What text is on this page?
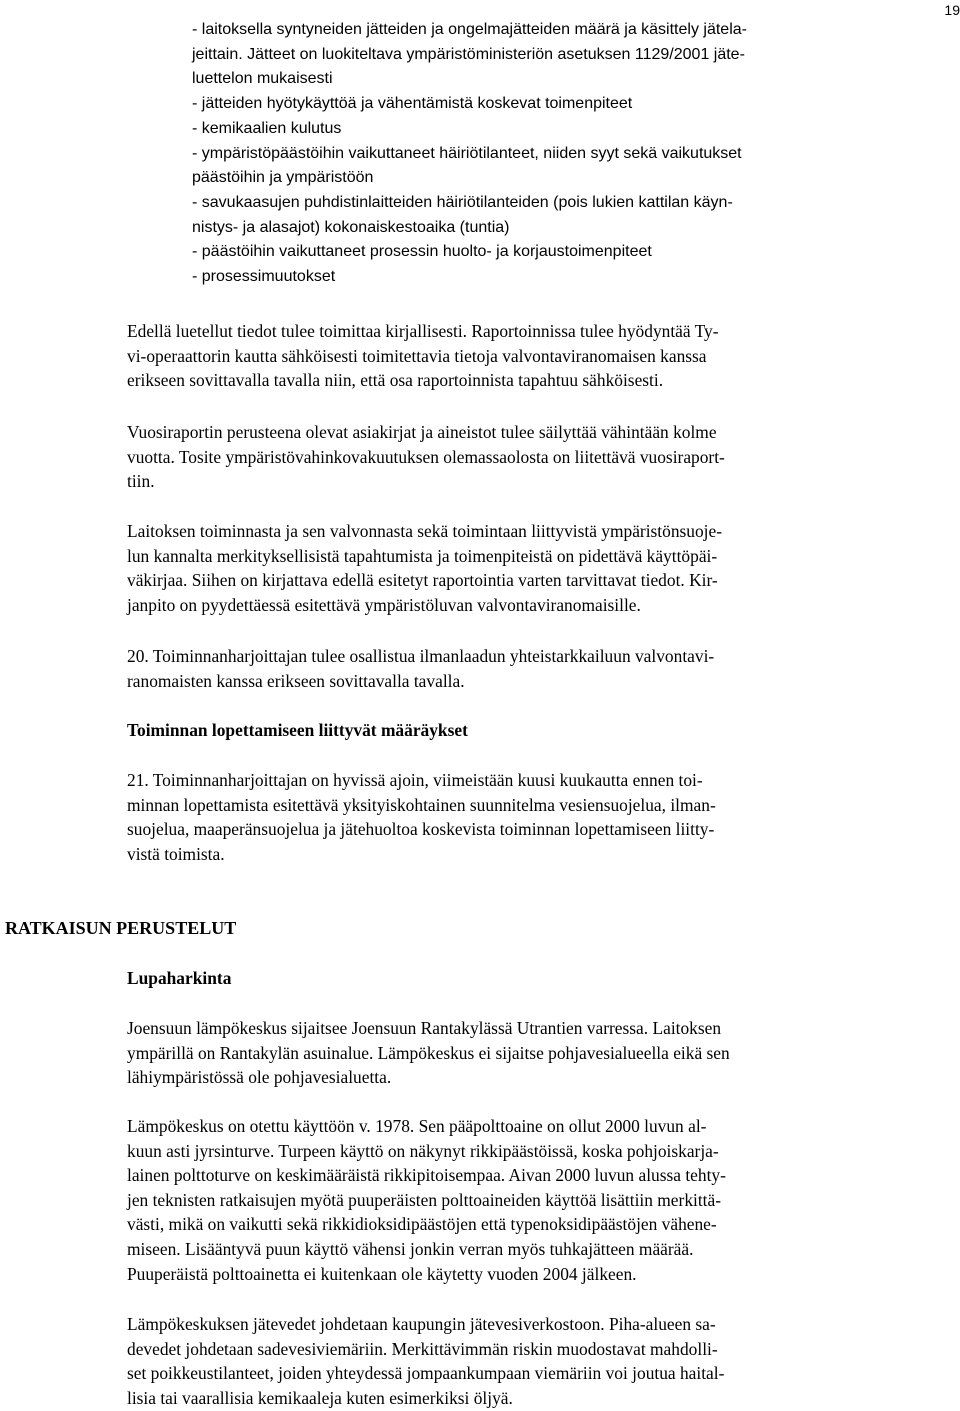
19
- laitoksella syntyneiden jätteiden ja ongelmajätteiden määrä ja käsittely jätela-
jeittain. Jätteet on luokiteltava ympäristöministeriön asetuksen 1129/2001 jäte-
luettelon mukaisesti
- jätteiden hyötykäyttöä ja vähentämistä koskevat toimenpiteet
- kemikaalien kulutus
- ympäristöpäästöihin vaikuttaneet häiriötilanteet, niiden syyt sekä vaikutukset
päästöihin ja ympäristöön
- savukaasujen puhdistinlaitteiden häiriötilanteiden (pois lukien kattilan käyn-
nistys- ja alasajot) kokonaiskestoaika (tuntia)
- päästöihin vaikuttaneet prosessin huolto- ja korjaustoimenpiteet
- prosessimuutokset
Edellä luetellut tiedot tulee toimittaa kirjallisesti. Raportoinnissa tulee hyödyntää Ty-
vi-operaattorin kautta sähköisesti toimitettavia tietoja valvontaviranomaisen kanssa
erikseen sovittavalla tavalla niin, että osa raportoinnista tapahtuu sähköisesti.
Vuosiraportin perusteena olevat asiakirjat ja aineistot tulee säilyttää vähintään kolme
vuotta. Tosite ympäristövahinkovakuutuksen olemassaolosta on liitettävä vuosiraport-
tiin.
Laitoksen toiminnasta ja sen valvonnasta sekä toimintaan liittyvistä ympäristönsuoje-
lun kannalta merkityksellisistä tapahtumista ja toimenpiteistä on pidettävä käyttöpäi-
väkirjaa. Siihen on kirjattava edellä esitetyt raportointia varten tarvittavat tiedot. Kir-
janpito on pyydettäessä esitettävä ympäristöluvan valvontaviranomaisille.
20. Toiminnanharjoittajan tulee osallistua ilmanlaadun yhteistarkkailuun valvontavi-
ranomaisten kanssa erikseen sovittavalla tavalla.
Toiminnan lopettamiseen liittyvät määräykset
21. Toiminnanharjoittajan on hyvissä ajoin, viimeistään kuusi kuukautta ennen toi-
minnan lopettamista esitettävä yksityiskohtainen suunnitelma vesiensuojelua, ilman-
suojelua, maaperänsuojelua ja jätehuoltoa koskevista toiminnan lopettamiseen liitty-
vistä toimista.
RATKAISUN PERUSTELUT
Lupaharkinta
Joensuun lämpökeskus sijaitsee Joensuun Rantakylässä Utrantien varressa. Laitoksen
ympärillä on Rantakylän asuinalue. Lämpökeskus ei sijaitse pohjavesialueella eikä sen
lähiympäristössä ole pohjavesialuetta.
Lämpökeskus on otettu käyttöön v. 1978. Sen pääpolttoaine on ollut 2000 luvun al-
kuun asti jyrsinturve. Turpeen käyttö on näkynyt rikkipäästöissä, koska pohjoiskarja-
lainen polttoturve on keskimääräistä rikkipitoisempaa. Aivan 2000 luvun alussa tehty-
jen teknisten ratkaisujen myötä puuperäisten polttoaineiden käyttöä lisättiin merkittä-
västi, mikä on vaikutti sekä rikkidioksidipäästöjen että typenoksidipäästöjen vähene-
miseen. Lisääntyvä puun käyttö vähensi jonkin verran myös tuhkajätteen määrää.
Puuperäistä polttoainetta ei kuitenkaan ole käytetty vuoden 2004 jälkeen.
Lämpökeskuksen jätevedet johdetaan kaupungin jätevesiverkostoon. Piha-alueen sa-
devedet johdetaan sadevesiviemäriin. Merkittävimmän riskin muodostavat mahdolli-
set poikkeustilanteet, joiden yhteydessä jompaankumpaan viemäriin voi joutua haital-
lisia tai vaarallisia kemikaaleja kuten esimerkiksi öljyä.
